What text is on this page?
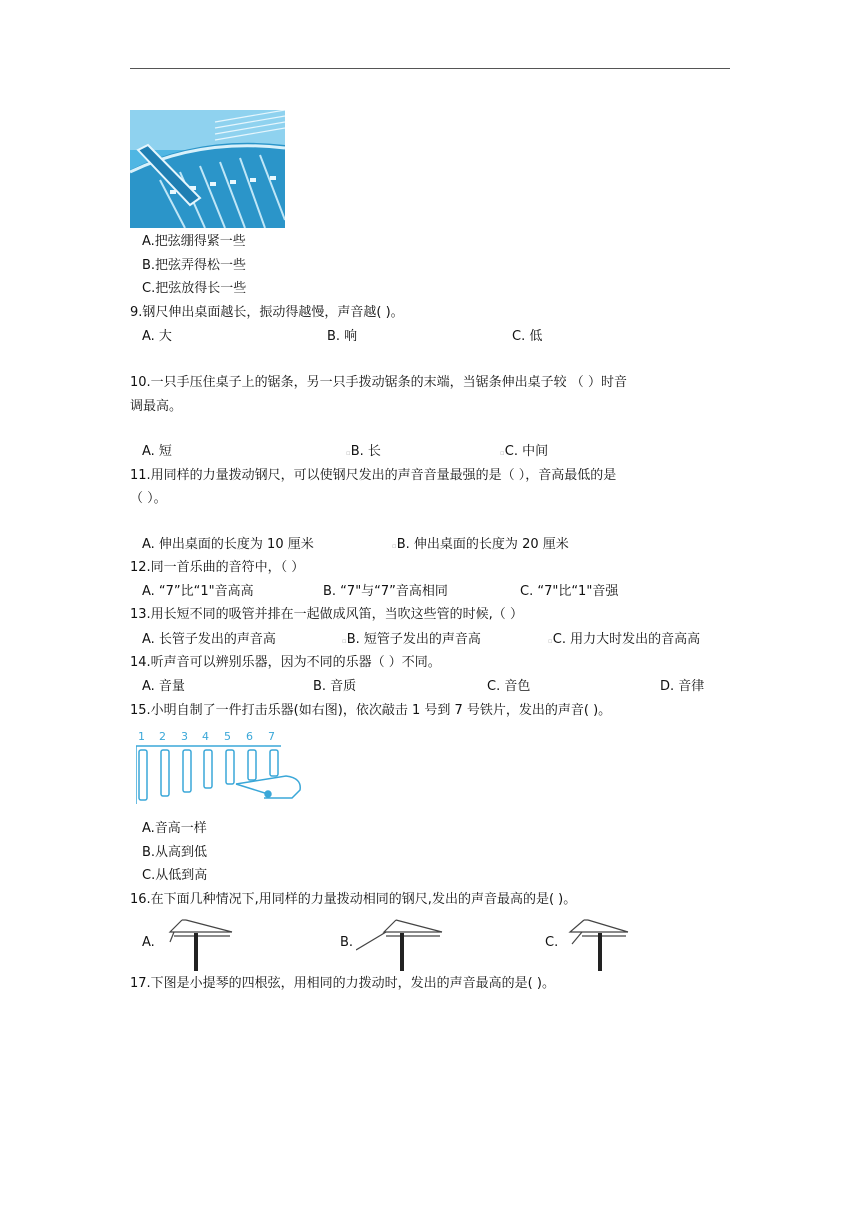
A.把弦绷得紧一些
B.把弦弄得松一些
C.把弦放得长一些
9.钢尺伸出桌面越长，振动得越慢，声音越( )。
A. 大	B. 响	C. 低
10.一只手压住桌子上的锯条，另一只手拨动锯条的末端，当锯条伸出桌子较 （ ）时音
调最高。
A. 短	▫B. 长	▫C. 中间
11.用同样的力量拨动钢尺，可以使钢尺发出的声音音量最强的是（ ），音高最低的是
（ ）。
A. 伸出桌面的长度为 10 厘米	▫B. 伸出桌面的长度为 20 厘米
12.同一首乐曲的音符中，（ ）
A. “7”比“1"音高高	B. “7"与“7”音高相同	C. “7"比“1"音强
13.用长短不同的吸管并排在一起做成风笛，当吹这些管的时候,（ ）
A. 长管子发出的声音高	▫B. 短管子发出的声音高	▫C. 用力大时发出的音高高
14.听声音可以辨别乐器，因为不同的乐器（ ）不同。
A. 音量	B. 音质	C. 音色	D. 音律
15.小明自制了一件打击乐器(如右图)，依次敲击 1 号到 7 号铁片，发出的声音( )。
1 2 3 4 5 6 7
A.音高一样
B.从高到低
C.从低到高
16.在下面几种情况下,用同样的力量拨动相同的钢尺,发出的声音最高的是( )。
A.	B.	C.
17.下图是小提琴的四根弦，用相同的力拨动时，发出的声音最高的是( )。
